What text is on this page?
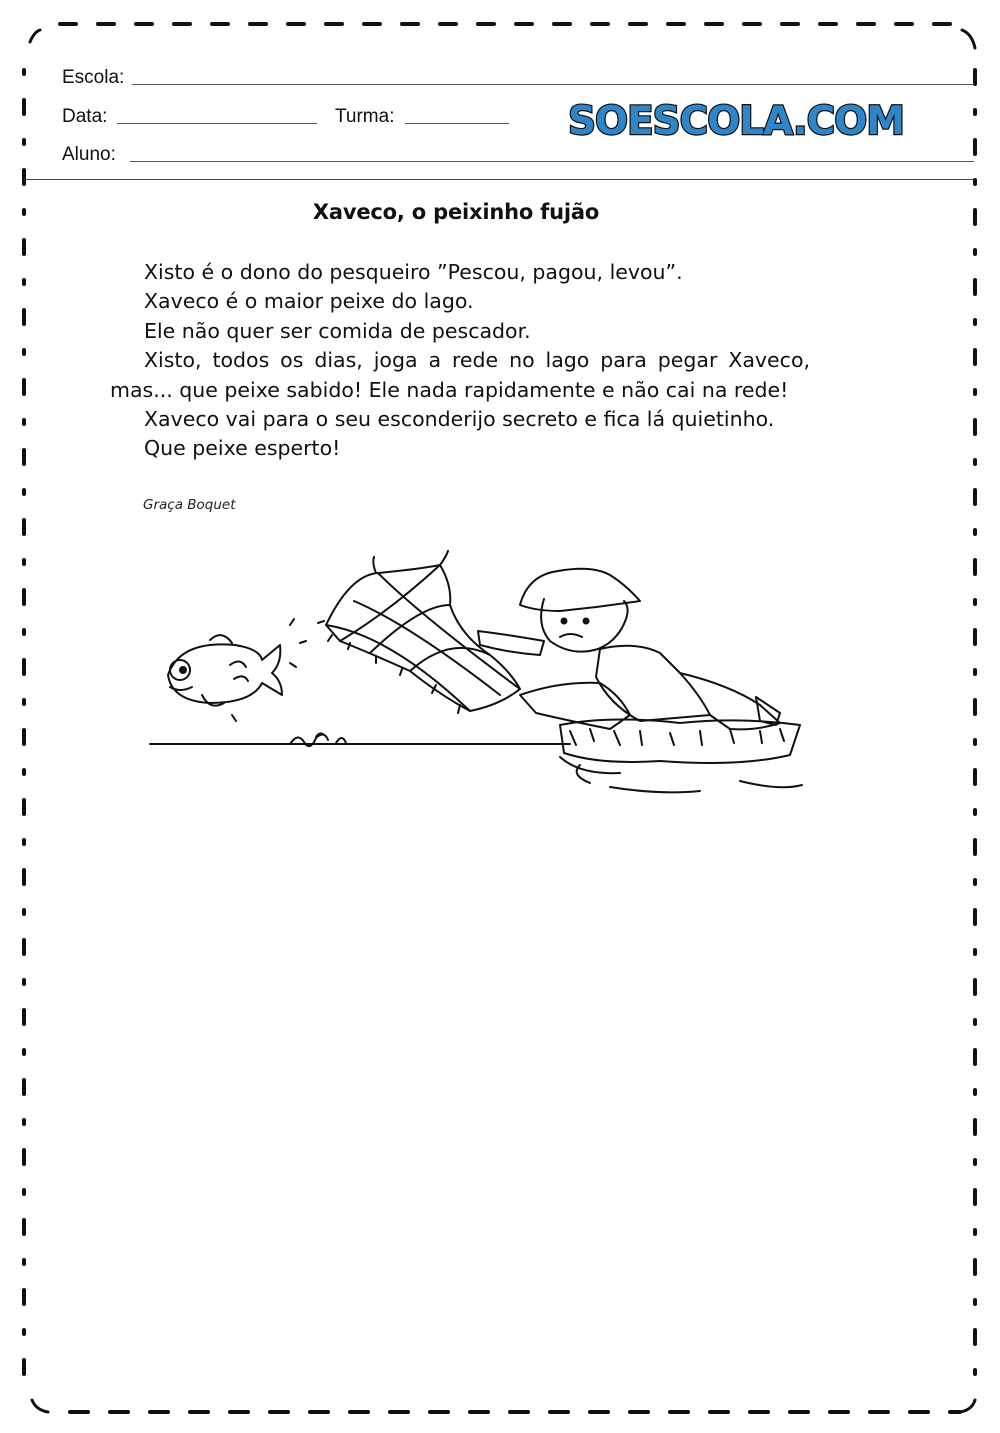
Escola:
Data:	Turma:
Aluno:
SOESCOLA.COM
Xaveco, o peixinho fujão

Xisto é o dono do pesqueiro ”Pescou, pagou, levou”.

Xaveco é o maior peixe do lago.

Ele não quer ser comida de pescador.

Xisto, todos os dias, joga a rede no lago para pegar Xaveco,

mas... que peixe sabido! Ele nada rapidamente e não cai na rede!

Xaveco vai para o seu esconderijo secreto e fica lá quietinho.

Que peixe esperto!

Graça Boquet
